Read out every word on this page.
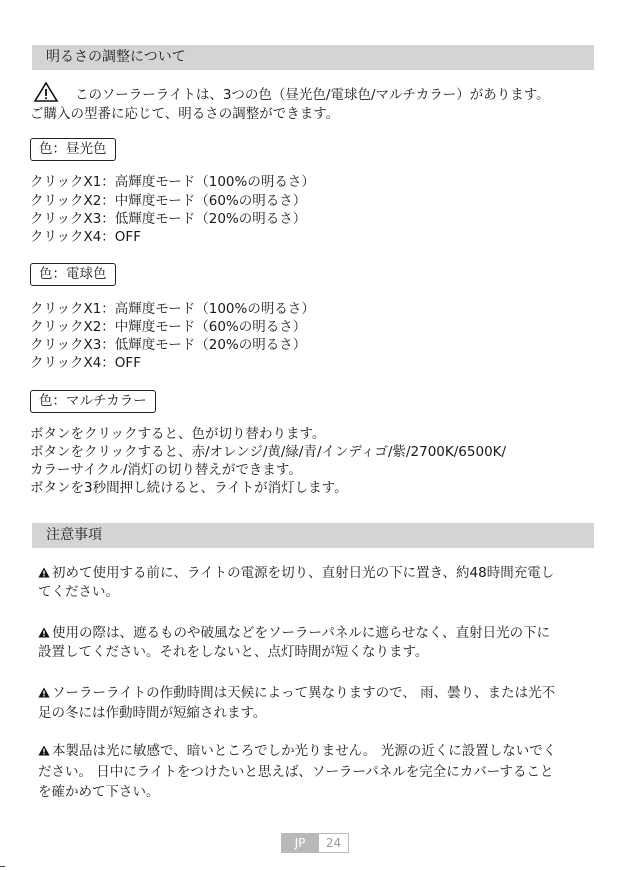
明るさの調整について
このソーラーライトは、3つの色（昼光色/電球色/マルチカラー）があります。
ご購入の型番に応じて、明るさの調整ができます。
色：昼光色
クリックX1：高輝度モード（100%の明るさ）
クリックX2：中輝度モード（60%の明るさ）
クリックX3：低輝度モード（20%の明るさ）
クリックX4：OFF
色：電球色
クリックX1：高輝度モード（100%の明るさ）
クリックX2：中輝度モード（60%の明るさ）
クリックX3：低輝度モード（20%の明るさ）
クリックX4：OFF
色：マルチカラー
ボタンをクリックすると、色が切り替わります。
ボタンをクリックすると、赤/オレンジ/黄/緑/青/インディゴ/紫/2700K/6500K/
カラーサイクル/消灯の切り替えができます。
ボタンを3秒間押し続けると、ライトが消灯します。
注意事項
初めて使用する前に、ライトの電源を切り、直射日光の下に置き、約48時間充電し
てください。
使用の際は、遮るものや破風などをソーラーパネルに遮らせなく、直射日光の下に
設置してください。それをしないと、点灯時間が短くなります。
ソーラーライトの作動時間は天候によって異なりますので、 雨、曇り、または光不
足の冬には作動時間が短縮されます。
本製品は光に敏感で、暗いところでしか光りません。 光源の近くに設置しないでく
ださい。 日中にライトをつけたいと思えば、ソーラーパネルを完全にカバーすること
を確かめて下さい。
JP	24
